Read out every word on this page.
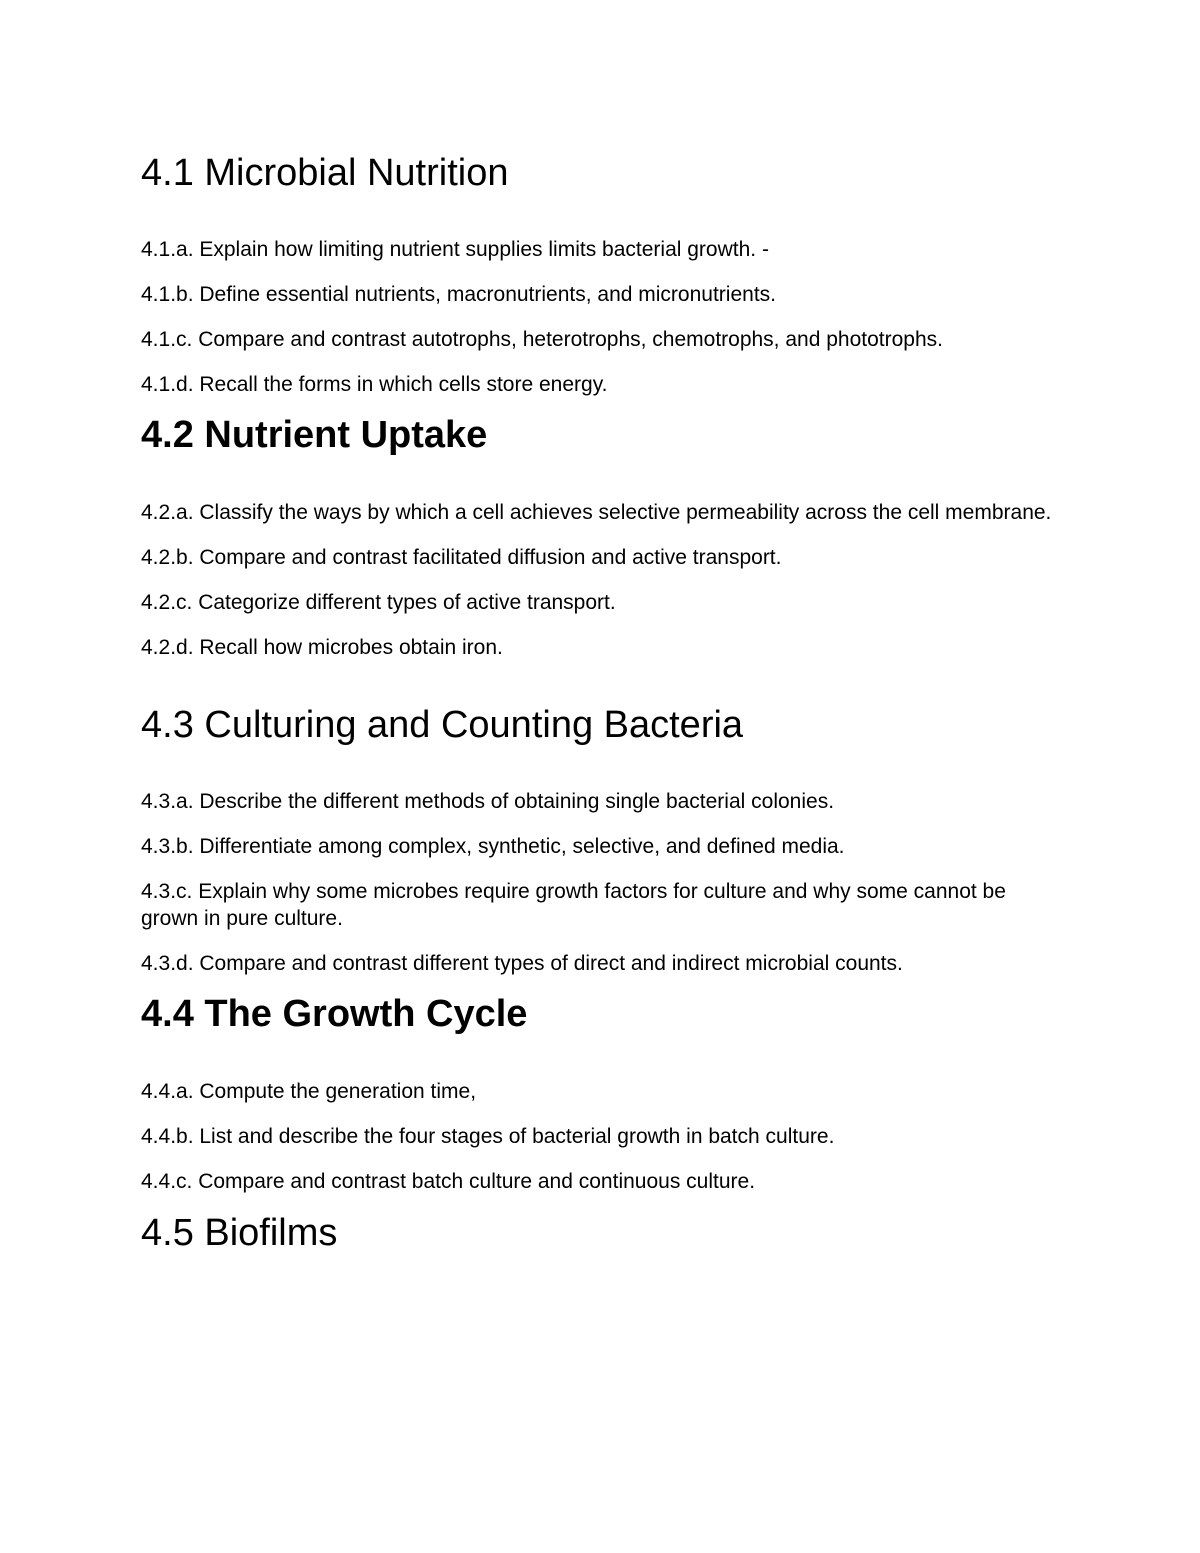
4.1 Microbial Nutrition
4.1.a. Explain how limiting nutrient supplies limits bacterial growth. -
4.1.b. Define essential nutrients, macronutrients, and micronutrients.
4.1.c. Compare and contrast autotrophs, heterotrophs, chemotrophs, and phototrophs.
4.1.d. Recall the forms in which cells store energy.
4.2 Nutrient Uptake
4.2.a. Classify the ways by which a cell achieves selective permeability across the cell membrane.
4.2.b. Compare and contrast facilitated diffusion and active transport.
4.2.c. Categorize different types of active transport.
4.2.d. Recall how microbes obtain iron.
4.3 Culturing and Counting Bacteria
4.3.a. Describe the different methods of obtaining single bacterial colonies.
4.3.b. Differentiate among complex, synthetic, selective, and defined media.
4.3.c. Explain why some microbes require growth factors for culture and why some cannot be grown in pure culture.
4.3.d. Compare and contrast different types of direct and indirect microbial counts.
4.4 The Growth Cycle
4.4.a. Compute the generation time,
4.4.b. List and describe the four stages of bacterial growth in batch culture.
4.4.c. Compare and contrast batch culture and continuous culture.
4.5 Biofilms
